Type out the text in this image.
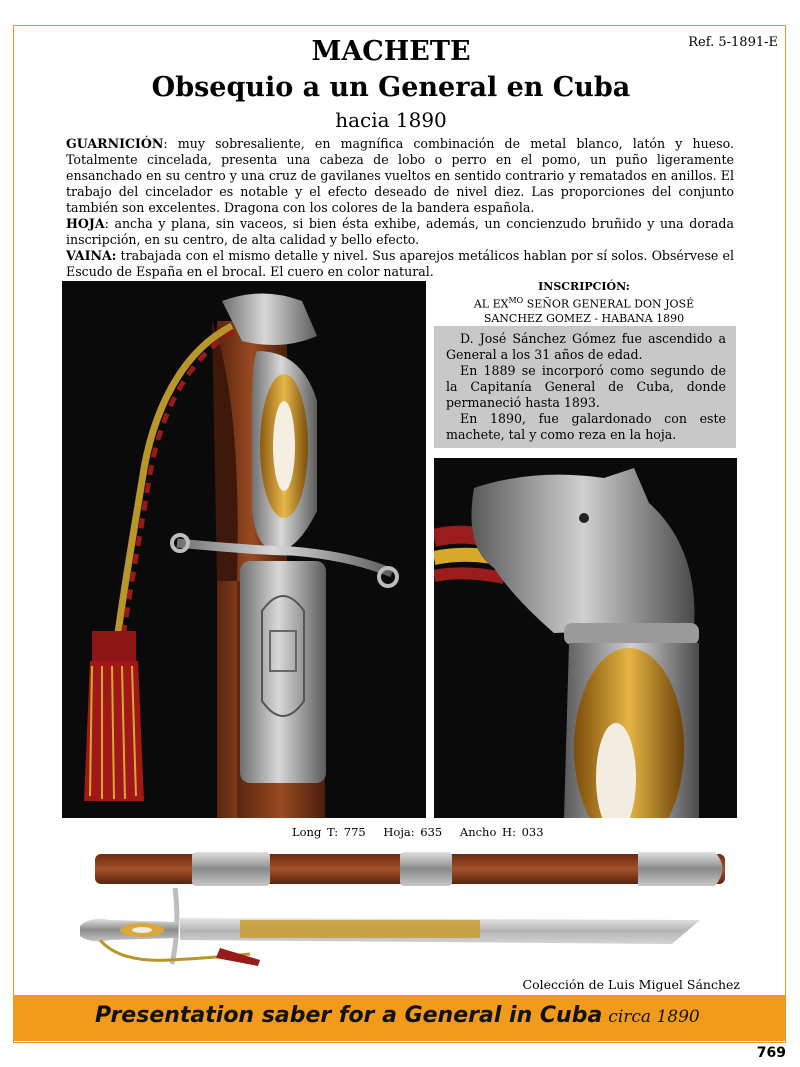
Ref. 5-1891-E
MACHETE
Obsequio a un General en Cuba
hacia 1890

GUARNICIÓN: muy sobresaliente, en magnífica combinación de metal blanco, latón y hueso. Totalmente cincelada, presenta una cabeza de lobo o perro en el pomo, un puño ligeramente ensanchado en su centro y una cruz de gavilanes vueltos en sentido contrario y rematados en anillos. El trabajo del cincelador es notable y el efecto deseado de nivel diez. Las proporciones del conjunto también son excelentes. Dragona con los colores de la bandera española.

HOJA: ancha y plana, sin vaceos, si bien ésta exhibe, además, un concienzudo bruñido y una dorada inscripción, en su centro, de alta calidad y bello efecto.

VAINA: trabajada con el mismo detalle y nivel. Sus aparejos metálicos hablan por sí solos. Obsérvese el Escudo de España en el brocal. El cuero en color natural.

INSCRIPCIÓN:
AL $EX^{MO}$ SEÑOR GENERAL DON JOSÉ
SANCHEZ GOMEZ - HABANA 1890

D. José Sánchez Gómez fue ascendido a General a los 31 años de edad.

En 1889 se incorporó como segundo de la Capitanía General de Cuba, donde permaneció hasta 1893.

En 1890, fue galardonado con este machete, tal y como reza en la hoja.

Long T: 775 Hoja: 635 Ancho H: 033
Colección de Luis Miguel Sánchez
Presentation saber for a General in Cuba circa 1890
769
